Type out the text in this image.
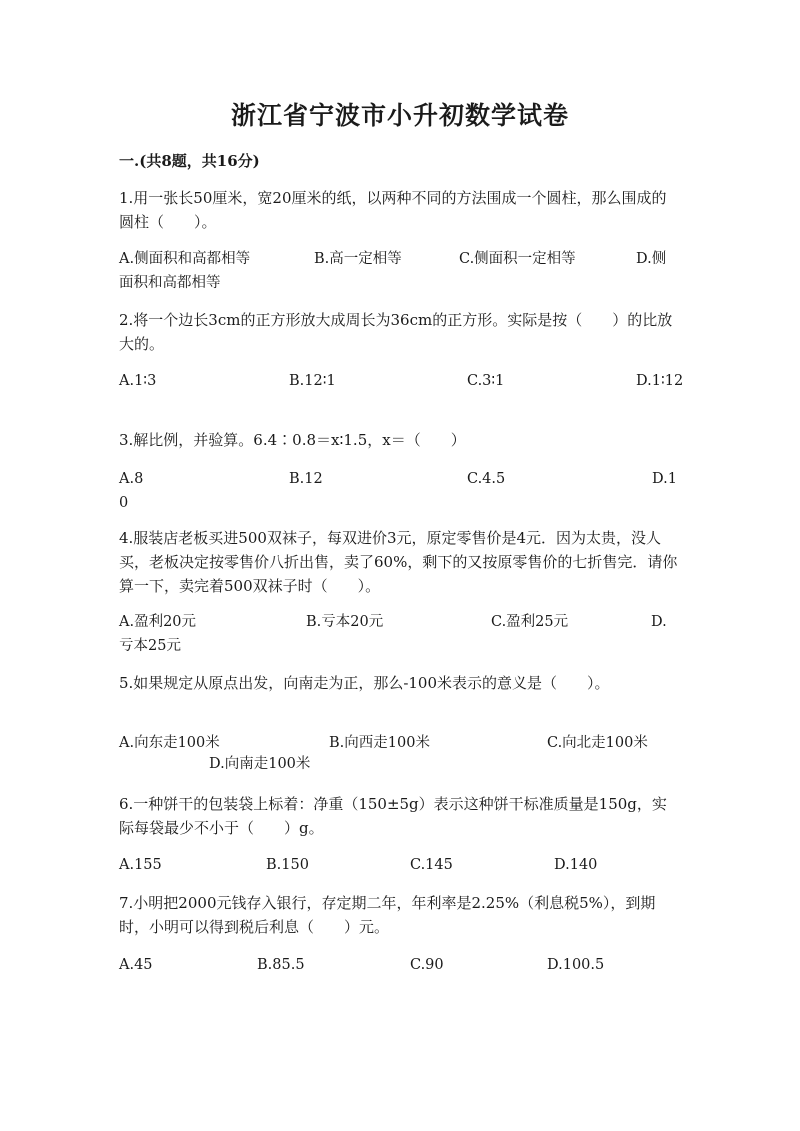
浙江省宁波市小升初数学试卷
一.(共8题，共16分)
1.用一张长50厘米，宽20厘米的纸，以两种不同的方法围成一个圆柱，那么围成的圆柱（　　）。
A.侧面积和高都相等	B.高一定相等	C.侧面积一定相等	D.侧面积和高都相等
2.将一个边长3cm的正方形放大成周长为36cm的正方形。实际是按（　　）的比放大的。
A.1∶3	B.12∶1	C.3∶1	D.1∶12
3.解比例，并验算。6.4∶0.8＝x∶1.5，x＝（　　）
A.8	B.12	C.4.5	D.10
4.服装店老板买进500双袜子，每双进价3元，原定零售价是4元．因为太贵，没人买，老板决定按零售价八折出售，卖了60%，剩下的又按原零售价的七折售完．请你算一下，卖完着500双袜子时（　　）。
A.盈利20元	B.亏本20元	C.盈利25元	D.亏本25元
5.如果规定从原点出发，向南走为正，那么-100米表示的意义是（　　）。
A.向东走100米	B.向西走100米	C.向北走100米
D.向南走100米
6.一种饼干的包装袋上标着：净重（150±5g）表示这种饼干标准质量是150g，实际每袋最少不小于（　　）g。
A.155	B.150	C.145	D.140
7.小明把2000元钱存入银行，存定期二年，年利率是2.25%（利息税5%），到期时，小明可以得到税后利息（　　）元。
A.45	B.85.5	C.90	D.100.5
